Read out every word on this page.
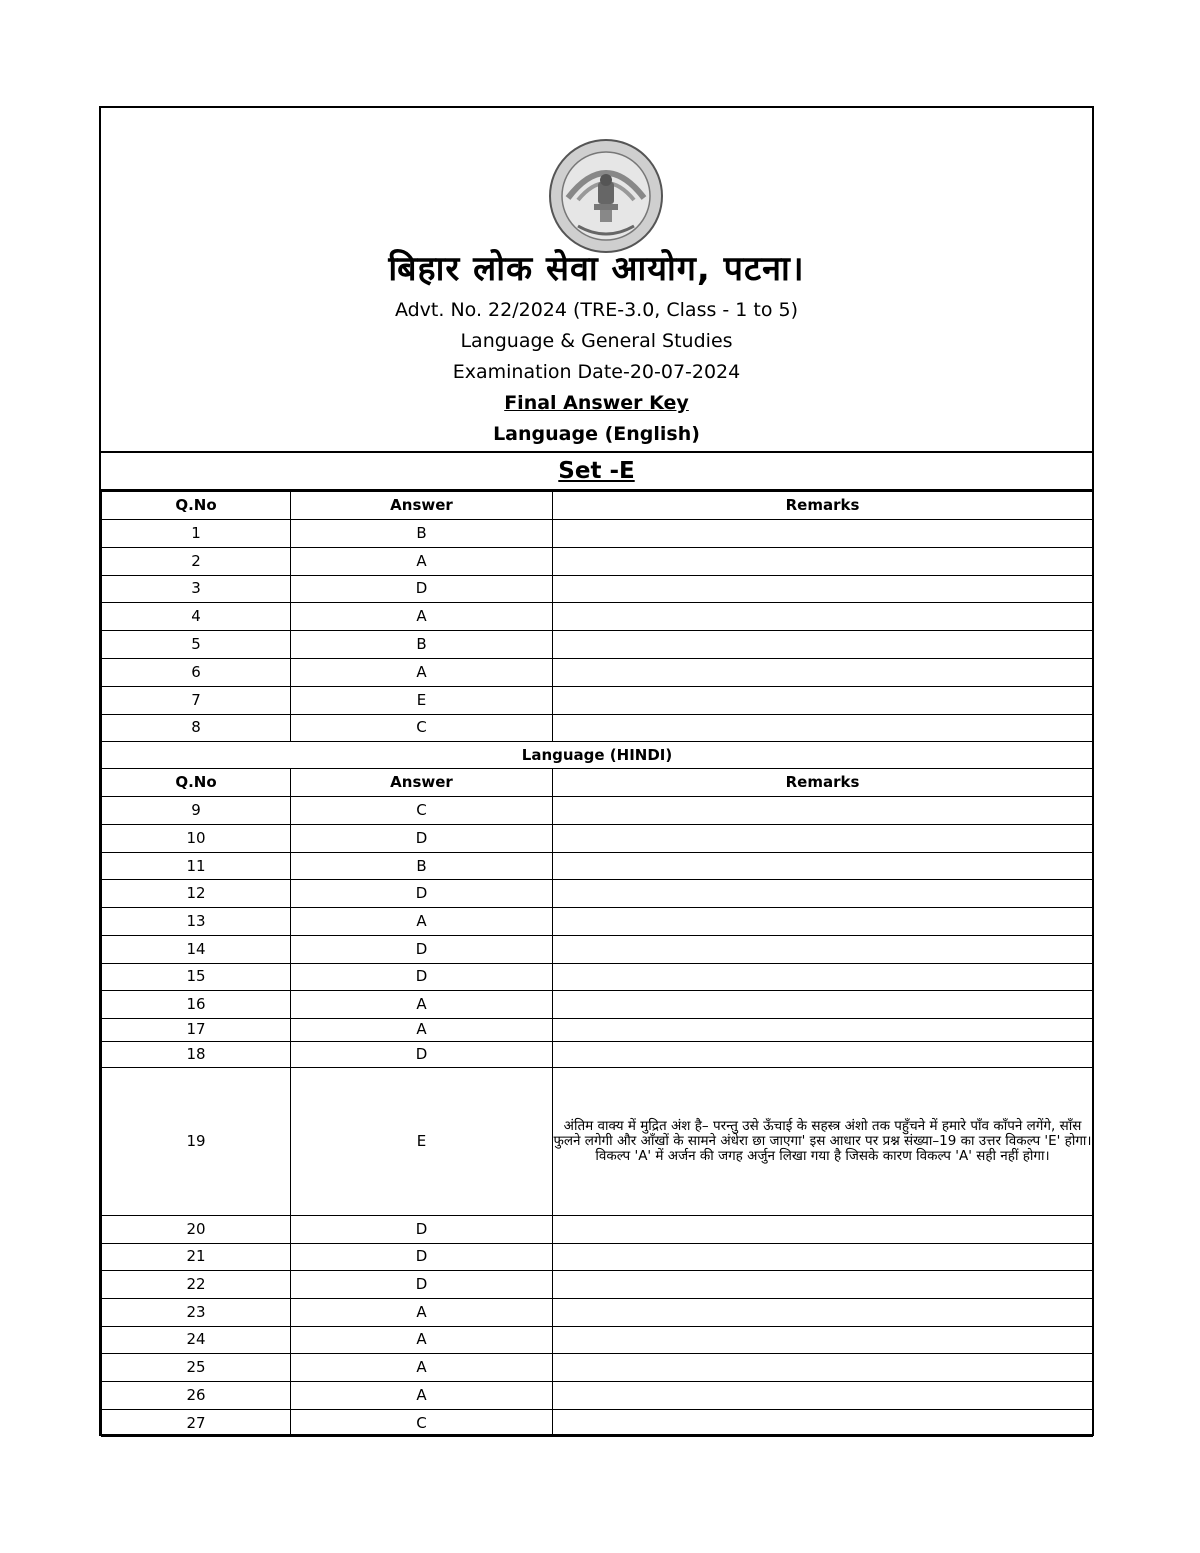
बिहार लोक सेवा आयोग, पटना।
Advt. No. 22/2024 (TRE-3.0, Class - 1 to 5)
Language & General Studies
Examination Date-20-07-2024
Final Answer Key
Language (English)
Set -E
Q.No	Answer	Remarks
1	B	
2	A	
3	D	
4	A	
5	B	
6	A	
7	E	
8	C	
Language (HINDI)		
Q.No	Answer	Remarks
9	C	
10	D	
11	B	
12	D	
13	A	
14	D	
15	D	
16	A	
17	A	
18	D	
19	E	अंतिम वाक्य में मुद्रित अंश है– परन्तु उसे ऊँचाई के सहस्त्र अंशो तक पहुँचने में हमारे पाँव काँपने लगेंगे, साँस फुलने लगेगी और आँखों के सामने अंधेरा छा जाएगा' इस आधार पर प्रश्न संख्या–19 का उत्तर विकल्प 'E' होगा। विकल्प 'A' में अर्जन की जगह अर्जुन लिखा गया है जिसके कारण विकल्प 'A' सही नहीं होगा।
20	D	
21	D	
22	D	
23	A	
24	A	
25	A	
26	A	
27	C	
